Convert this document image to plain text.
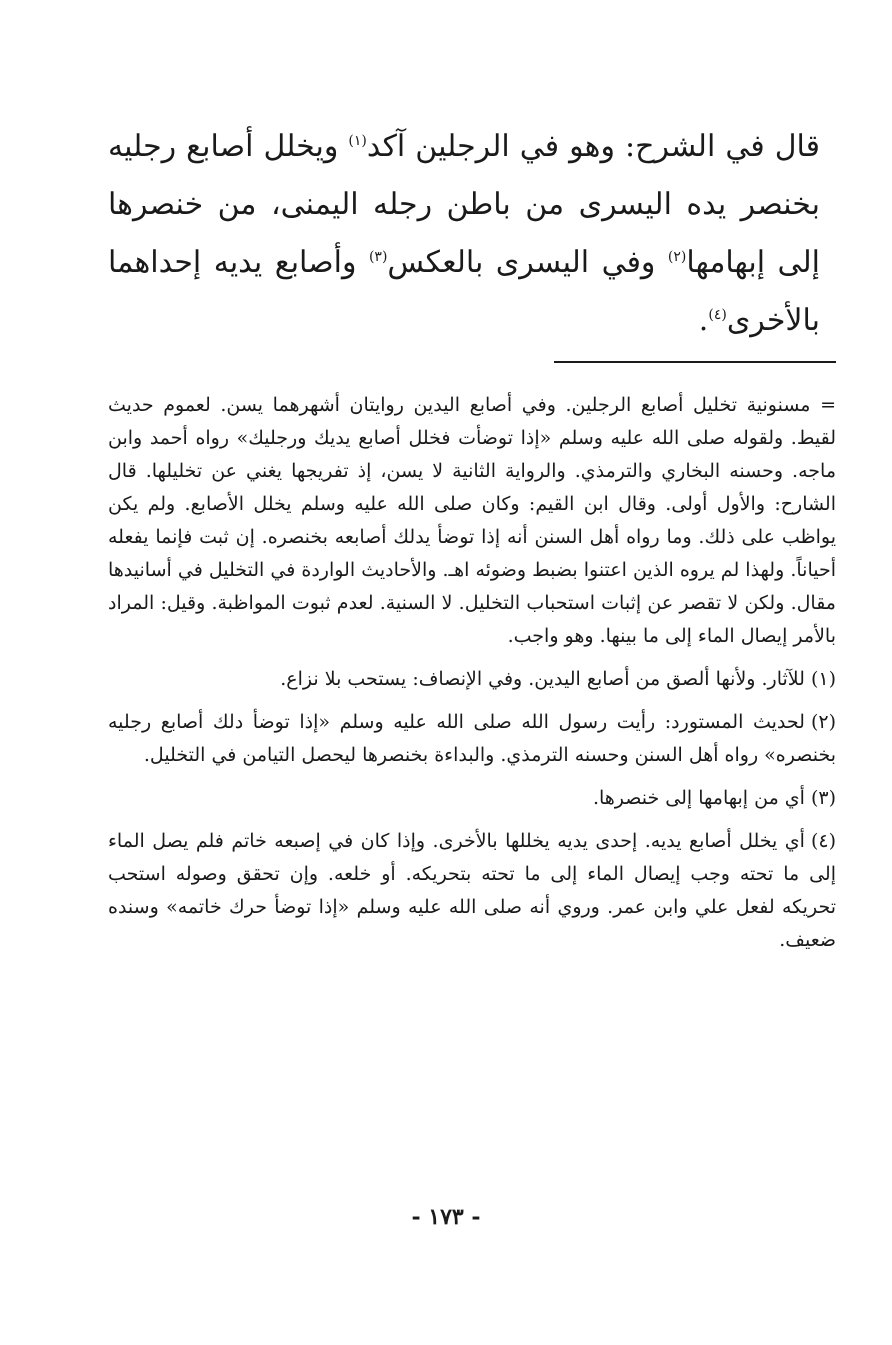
قال في الشرح: وهو في الرجلين آكد$^{(١)}$ ويخلل أصابع رجليه بخنصر يده اليسرى من باطن رجله اليمنى، من خنصرها إلى إبهامها$^{(٢)}$ وفي اليسرى بالعكس$^{(٣)}$ وأصابع يديه إحداهما بالأخرى$^{(٤)}$.

= مسنونية تخليل أصابع الرجلين. وفي أصابع اليدين روايتان أشهرهما يسن. لعموم حديث لقيط. ولقوله صلى الله عليه وسلم «إذا توضأت فخلل أصابع يديك ورجليك» رواه أحمد وابن ماجه. وحسنه البخاري والترمذي. والرواية الثانية لا يسن، إذ تفريجها يغني عن تخليلها. قال الشارح: والأول أولى. وقال ابن القيم: وكان صلى الله عليه وسلم يخلل الأصابع. ولم يكن يواظب على ذلك. وما رواه أهل السنن أنه إذا توضأ يدلك أصابعه بخنصره. إن ثبت فإنما يفعله أحياناً. ولهذا لم يروه الذين اعتنوا بضبط وضوئه اهـ. والأحاديث الواردة في التخليل في أسانيدها مقال. ولكن لا تقصر عن إثبات استحباب التخليل. لا السنية. لعدم ثبوت المواظبة. وقيل: المراد بالأمر إيصال الماء إلى ما بينها. وهو واجب.

(١)للآثار. ولأنها ألصق من أصابع اليدين. وفي الإنصاف: يستحب بلا نزاع.

(٢)لحديث المستورد: رأيت رسول الله صلى الله عليه وسلم «إذا توضأ دلك أصابع رجليه بخنصره» رواه أهل السنن وحسنه الترمذي. والبداءة بخنصرها ليحصل التيامن في التخليل.

(٣)أي من إبهامها إلى خنصرها.

(٤)أي يخلل أصابع يديه. إحدى يديه يخللها بالأخرى. وإذا كان في إصبعه خاتم فلم يصل الماء إلى ما تحته وجب إيصال الماء إلى ما تحته بتحريكه. أو خلعه. وإن تحقق وصوله استحب تحريكه لفعل علي وابن عمر. وروي أنه صلى الله عليه وسلم «إذا توضأ حرك خاتمه» وسنده ضعيف.

- ١٧٣ -
